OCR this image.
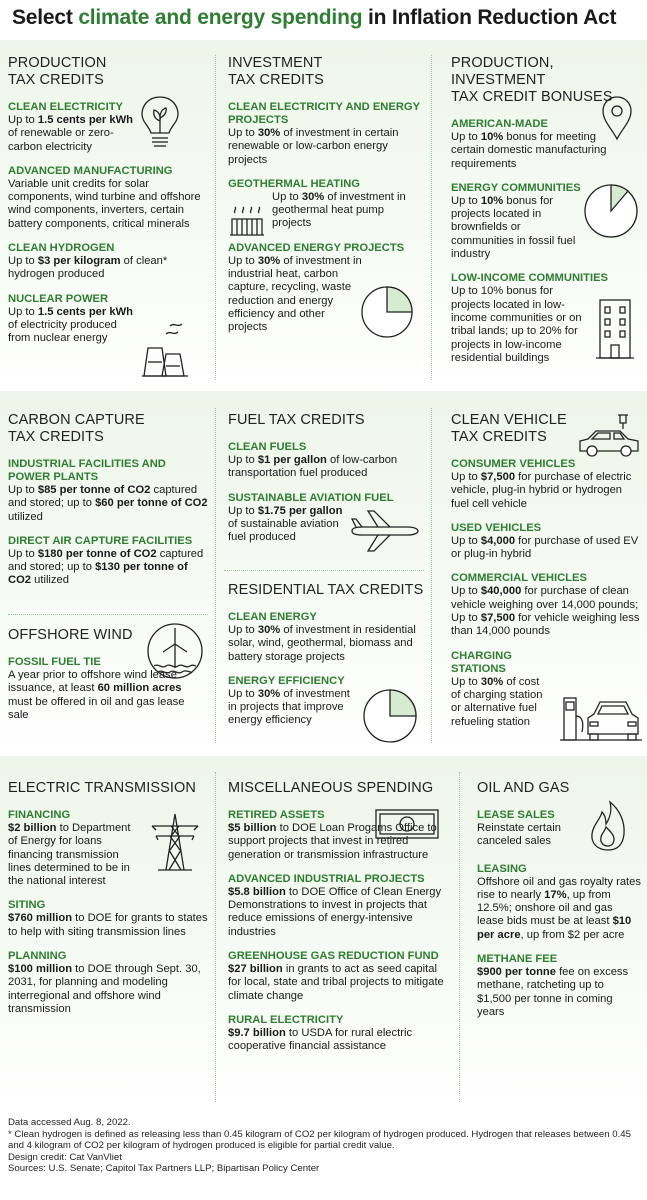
Select climate and energy spending in Inflation Reduction Act
PRODUCTION
TAX CREDITS
CLEAN ELECTRICITY
Up to 1.5 cents per kWh of renewable or zero-carbon electricity
ADVANCED MANUFACTURING
Variable unit credits for solar components, wind turbine and offshore wind components, inverters, certain battery components, critical minerals
CLEAN HYDROGEN
Up to $3 per kilogram of clean* hydrogen produced
NUCLEAR POWER
Up to 1.5 cents per kWh of electricity produced from nuclear energy
INVESTMENT
TAX CREDITS
CLEAN ELECTRICITY AND ENERGY PROJECTS
Up to 30% of investment in certain renewable or low-carbon energy projects
GEOTHERMAL HEATING
Up to 30% of investment in geothermal heat pump projects
ADVANCED ENERGY PROJECTS
Up to 30% of investment in industrial heat, carbon capture, recycling, waste reduction and energy efficiency and other projects
PRODUCTION, INVESTMENT
TAX CREDIT BONUSES
AMERICAN-MADE
Up to 10% bonus for meeting certain domestic manufacturing requirements
ENERGY COMMUNITIES
Up to 10% bonus for projects located in brownfields or communities in fossil fuel industry
LOW-INCOME COMMUNITIES
Up to 10% bonus for projects located in low-income communities or on tribal lands; up to 20% for projects in low-income residential buildings
CARBON CAPTURE
TAX CREDITS
INDUSTRIAL FACILITIES AND POWER PLANTS
Up to $85 per tonne of CO2 captured and stored; up to $60 per tonne of CO2 utilized
DIRECT AIR CAPTURE FACILITIES
Up to $180 per tonne of CO2 captured and stored; up to $130 per tonne of CO2 utilized
OFFSHORE WIND
FOSSIL FUEL TIE
A year prior to offshore wind lease issuance, at least 60 million acres must be offered in oil and gas lease sale
FUEL TAX CREDITS
CLEAN FUELS
Up to $1 per gallon of low-carbon transportation fuel produced
SUSTAINABLE AVIATION FUEL
Up to $1.75 per gallon of sustainable aviation fuel produced
RESIDENTIAL TAX CREDITS
CLEAN ENERGY
Up to 30% of investment in residential solar, wind, geothermal, biomass and battery storage projects
ENERGY EFFICIENCY
Up to 30% of investment in projects that improve energy efficiency
CLEAN VEHICLE
TAX CREDITS
CONSUMER VEHICLES
Up to $7,500 for purchase of electric vehicle, plug-in hybrid or hydrogen fuel cell vehicle
USED VEHICLES
Up to $4,000 for purchase of used EV or plug-in hybrid
COMMERCIAL VEHICLES
Up to $40,000 for purchase of clean vehicle weighing over 14,000 pounds; Up to $7,500 for vehicle weighing less than 14,000 pounds
CHARGING STATIONS
Up to 30% of cost of charging station or alternative fuel refueling station
ELECTRIC TRANSMISSION
FINANCING
$2 billion to Department of Energy for loans financing transmission lines determined to be in the national interest
SITING
$760 million to DOE for grants to states to help with siting transmission lines
PLANNING
$100 million to DOE through Sept. 30, 2031, for planning and modeling interregional and offshore wind transmission
MISCELLANEOUS SPENDING
RETIRED ASSETS
$5 billion to DOE Loan Progams Office to support projects that invest in retired generation or transmission infrastructure
ADVANCED INDUSTRIAL PROJECTS
$5.8 billion to DOE Office of Clean Energy Demonstrations to invest in projects that reduce emissions of energy-intensive industries
GREENHOUSE GAS REDUCTION FUND
$27 billion in grants to act as seed capital for local, state and tribal projects to mitigate climate change
RURAL ELECTRICITY
$9.7 billion to USDA for rural electric cooperative financial assistance
OIL AND GAS
LEASE SALES
Reinstate certain canceled sales
LEASING
Offshore oil and gas royalty rates rise to nearly 17%, up from 12.5%; onshore oil and gas lease bids must be at least $10 per acre, up from $2 per acre
METHANE FEE
$900 per tonne fee on excess methane, ratcheting up to $1,500 per tonne in coming years
Data accessed Aug. 8, 2022.
* Clean hydrogen is defined as releasing less than 0.45 kilogram of CO2 per kilogram of hydrogen produced. Hydrogen that releases between 0.45 and 4 kilogram of CO2 per kilogram of hydrogen produced is eligible for partial credit value.
Design credit: Cat VanVliet
Sources: U.S. Senate; Capitol Tax Partners LLP; Bipartisan Policy Center
